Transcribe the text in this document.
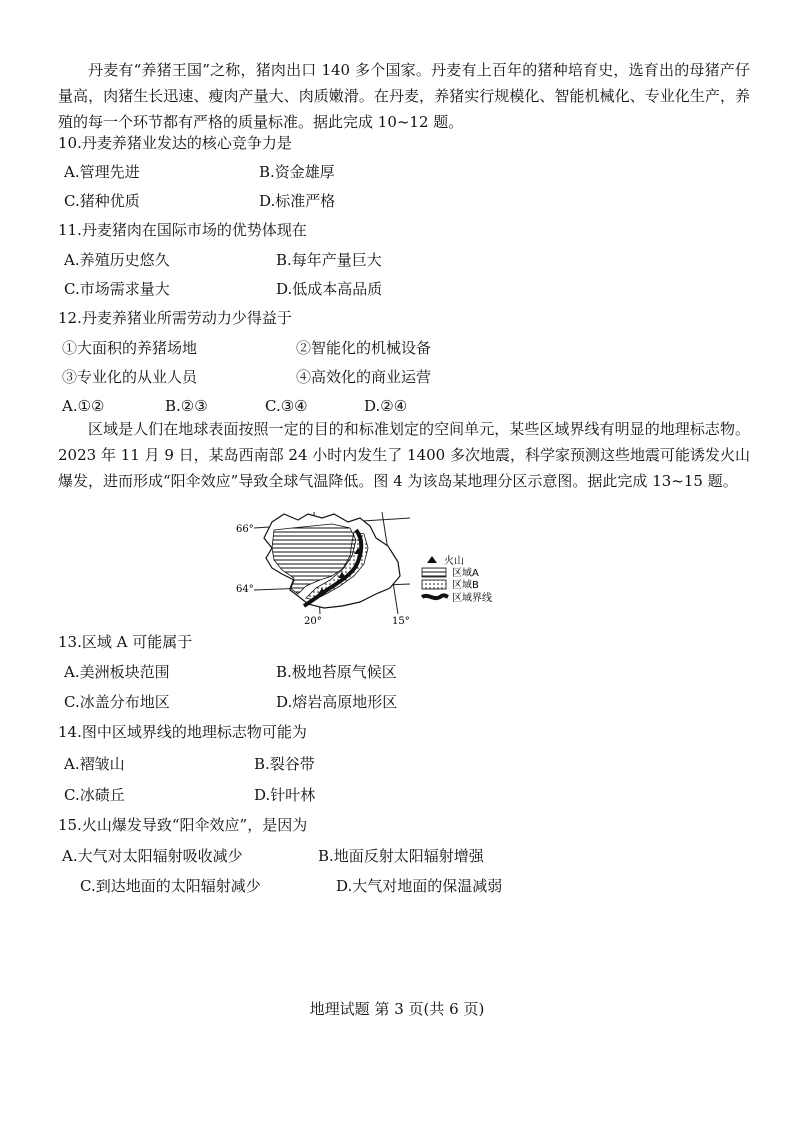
丹麦有“养猪王国”之称，猪肉出口 140 多个国家。丹麦有上百年的猪种培育史，选育出的母猪产仔量高，肉猪生长迅速、瘦肉产量大、肉质嫩滑。在丹麦，养猪实行规模化、智能机械化、专业化生产，养殖的每一个环节都有严格的质量标准。据此完成 10~12 题。

10.丹麦养猪业发达的核心竞争力是
A.管理先进	B.资金雄厚
C.猪种优质	D.标准严格
11.丹麦猪肉在国际市场的优势体现在
A.养殖历史悠久	B.每年产量巨大
C.市场需求量大	D.低成本高品质
12.丹麦养猪业所需劳动力少得益于
①大面积的养猪场地	②智能化的机械设备
③专业化的从业人员	④高效化的商业运营
A.①②	B.②③	C.③④	D.②④

区域是人们在地球表面按照一定的目的和标准划定的空间单元，某些区域界线有明显的地理标志物。2023 年 11 月 9 日，某岛西南部 24 小时内发生了 1400 多次地震，科学家预测这些地震可能诱发火山爆发，进而形成“阳伞效应”导致全球气温降低。图 4 为该岛某地理分区示意图。据此完成 13~15 题。

66°
64°
20°	15°
火山
区域A
区域B
区域界线
13.区域 A 可能属于
A.美洲板块范围	B.极地苔原气候区
C.冰盖分布地区	D.熔岩高原地形区
14.图中区域界线的地理标志物可能为
A.褶皱山	B.裂谷带
C.冰碛丘	D.针叶林
15.火山爆发导致“阳伞效应”，是因为
A.大气对太阳辐射吸收减少	B.地面反射太阳辐射增强
C.到达地面的太阳辐射减少	D.大气对地面的保温减弱
地理试题 第 3 页(共 6 页)
